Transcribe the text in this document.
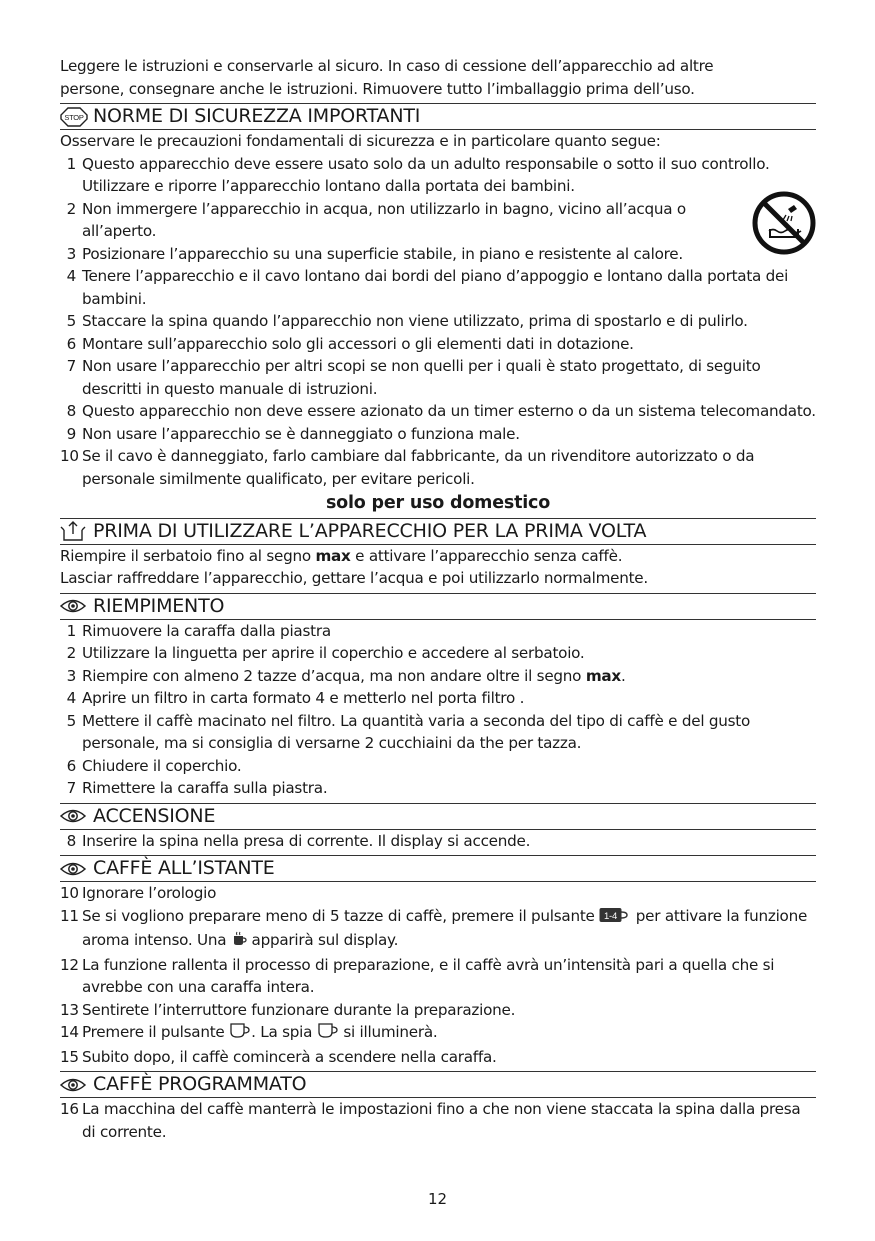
Leggere le istruzioni e conservarle al sicuro. In caso di cessione dell’apparecchio ad altre

persone, consegnare anche le istruzioni. Rimuovere tutto l’imballaggio prima dell’uso.

STOP NORME DI SICUREZZA IMPORTANTI

Osservare le precauzioni fondamentali di sicurezza e in particolare quanto segue:

1 Questo apparecchio deve essere usato solo da un adulto responsabile o sotto il suo controllo. Utilizzare e riporre l’apparecchio lontano dalla portata dei bambini.
2 Non immergere l’apparecchio in acqua, non utilizzarlo in bagno, vicino all’acqua o all’aperto.
3 Posizionare l’apparecchio su una superficie stabile, in piano e resistente al calore.
4 Tenere l’apparecchio e il cavo lontano dai bordi del piano d’appoggio e lontano dalla portata dei bambini.
5 Staccare la spina quando l’apparecchio non viene utilizzato, prima di spostarlo e di pulirlo.
6 Montare sull’apparecchio solo gli accessori o gli elementi dati in dotazione.
7 Non usare l’apparecchio per altri scopi se non quelli per i quali è stato progettato, di seguito descritti in questo manuale di istruzioni.
8 Questo apparecchio non deve essere azionato da un timer esterno o da un sistema telecomandato.
9 Non usare l’apparecchio se è danneggiato o funziona male.
10 Se il cavo è danneggiato, farlo cambiare dal fabbricante, da un rivenditore autorizzato o da personale similmente qualificato, per evitare pericoli.

solo per uso domestico

PRIMA DI UTILIZZARE L’APPARECCHIO PER LA PRIMA VOLTA

Riempire il serbatoio fino al segno max e attivare l’apparecchio senza caffè.

Lasciar raffreddare l’apparecchio, gettare l’acqua e poi utilizzarlo normalmente.

RIEMPIMENTO
1 Rimuovere la caraffa dalla piastra
2 Utilizzare la linguetta per aprire il coperchio e accedere al serbatoio.
3 Riempire con almeno 2 tazze d’acqua, ma non andare oltre il segno max.
4 Aprire un filtro in carta formato 4 e metterlo nel porta filtro .
5 Mettere il caffè macinato nel filtro. La quantità varia a seconda del tipo di caffè e del gusto personale, ma si consiglia di versarne 2 cucchiaini da the per tazza.
6 Chiudere il coperchio.
7 Rimettere la caraffa sulla piastra.
ACCENSIONE
8 Inserire la spina nella presa di corrente. Il display si accende.
CAFFÈ ALL’ISTANTE
10 Ignorare l’orologio
11 Se si vogliono preparare meno di 5 tazze di caffè, premere il pulsante 1-4 per attivare la funzione aroma intenso. Una  apparirà sul display.
12 La funzione rallenta il processo di preparazione, e il caffè avrà un’intensità pari a quella che si avrebbe con una caraffa intera.
13 Sentirete l’interruttore funzionare durante la preparazione.
14 Premere il pulsante . La spia  si illuminerà.
15 Subito dopo, il caffè comincerà a scendere nella caraffa.
CAFFÈ PROGRAMMATO
16 La macchina del caffè manterrà le impostazioni fino a che non viene staccata la spina dalla presa di corrente.
12
